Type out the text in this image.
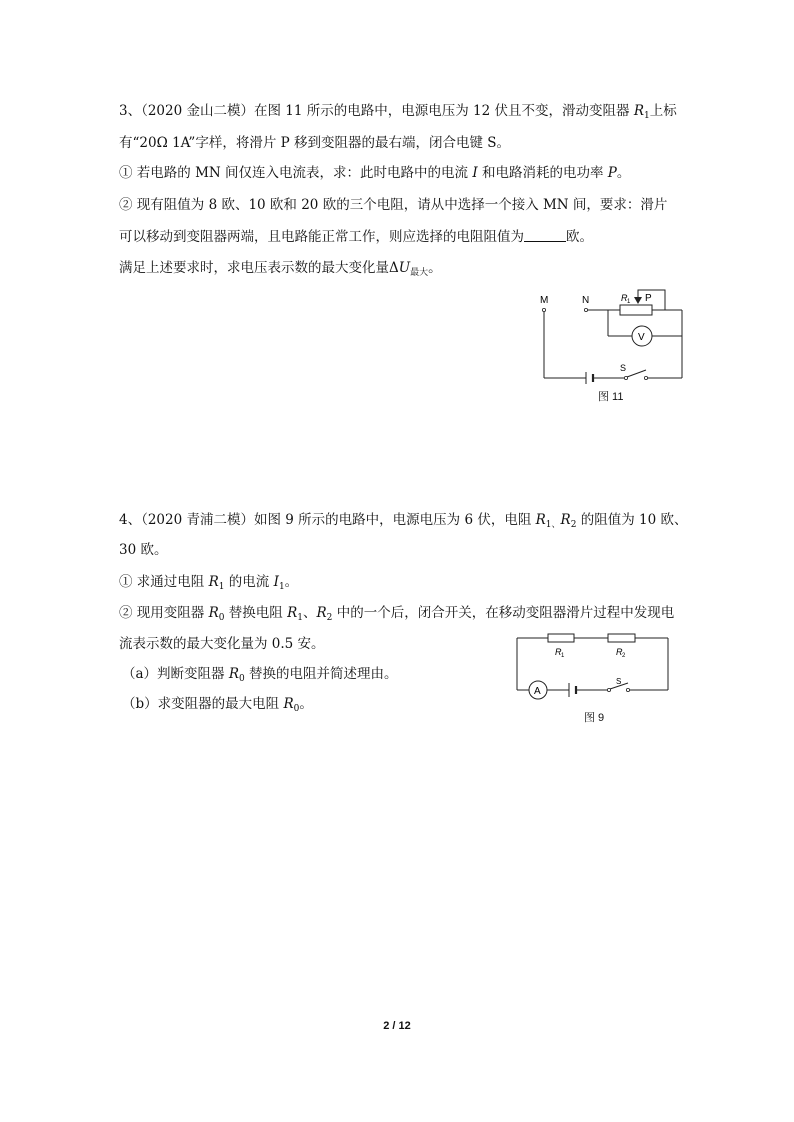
3、（2020 金山二模）在图 11 所示的电路中，电源电压为 12 伏且不变，滑动变阻器 $R_1$上标
有“20Ω 1A”字样，将滑片 P 移到变阻器的最右端，闭合电键 S。
① 若电路的 MN 间仅连入电流表，求：此时电路中的电流 I 和电路消耗的电功率 P。
② 现有阻值为 8 欧、10 欧和 20 欧的三个电阻，请从中选择一个接入 MN 间，要求：滑片
可以移动到变阻器两端，且电路能正常工作，则应选择的电阻阻值为	欧。
满足上述要求时，求电压表示数的最大变化量$\Delta U_{最大}$。
M	N	R 1 P
V
S
图 11
4、（2020 青浦二模）如图 9 所示的电路中，电源电压为 6 伏，电阻 $R_{1、}R_2$ 的阻值为 10 欧、
30 欧。
① 求通过电阻 $R_1$ 的电流 $I_1$。
② 现用变阻器 $R_0$ 替换电阻 $R_1$、$R_2$ 中的一个后，闭合开关，在移动变阻器滑片过程中发现电
流表示数的最大变化量为 0.5 安。
（a）判断变阻器 $R_0$ 替换的电阻并简述理由。
（b）求变阻器的最大电阻 $R_0$。
R 1	R 2
A
S
图 9
2 / 12
